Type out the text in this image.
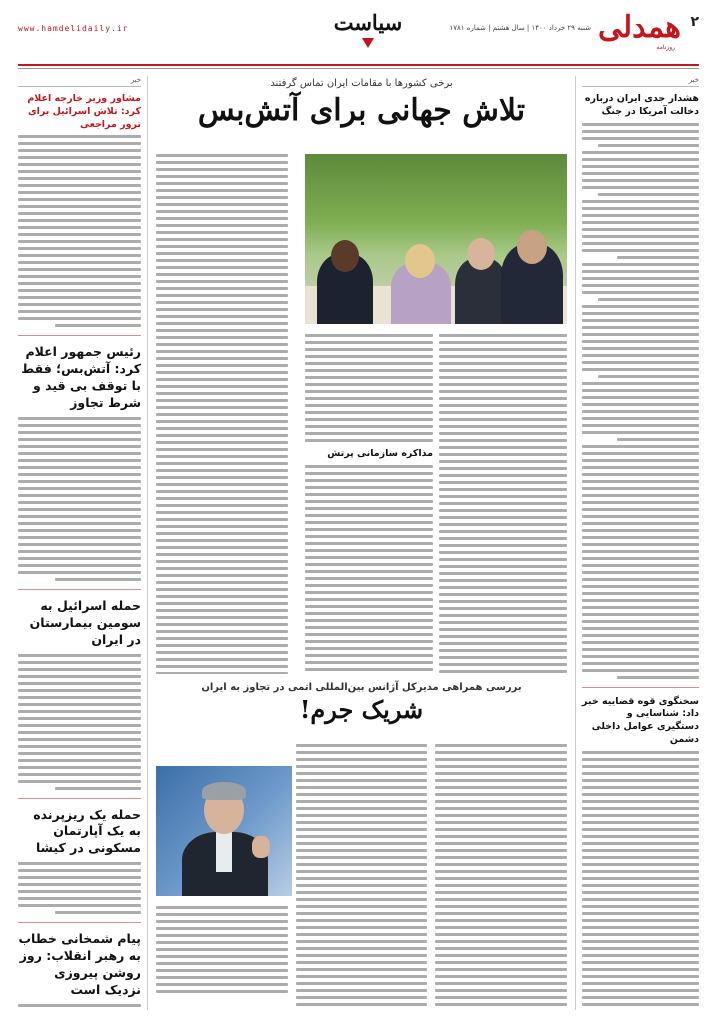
۲
همدلی
روزنامه
شنبه ۲۹ خرداد ۱۴۰۰ | سال هشتم | شماره ۱۷۸۱
سیاست
www.hamdelidaily.ir
خبر
هشدار جدی ایران درباره دخالت آمریکا در جنگ
سخنگوی قوه قضاییه خبر داد: شناسایی و دستگیری عوامل داخلی دشمن
خبر
مشاور وزیر خارجه اعلام کرد: تلاش اسرائیل برای ترور مراجعی
رئیس جمهور اعلام کرد: آتش‌بس؛ فقط با توقف بی قید و شرط تجاوز
حمله اسرائیل به سومین بیمارستان در ایران
حمله یک ریزپرنده به یک آپارتمان مسکونی در کیشا
پیام شمخانی خطاب به رهبر انقلاب: روز روشن پیروزی نزدیک است
برخی کشورها با مقامات ایران تماس گرفتند
تلاش جهانی برای آتش‌بس
مذاکره سازمانی پرتش
بررسی همراهی مدیرکل آژانس بین‌المللی اتمی در تجاوز به ایران
شریک جرم!
